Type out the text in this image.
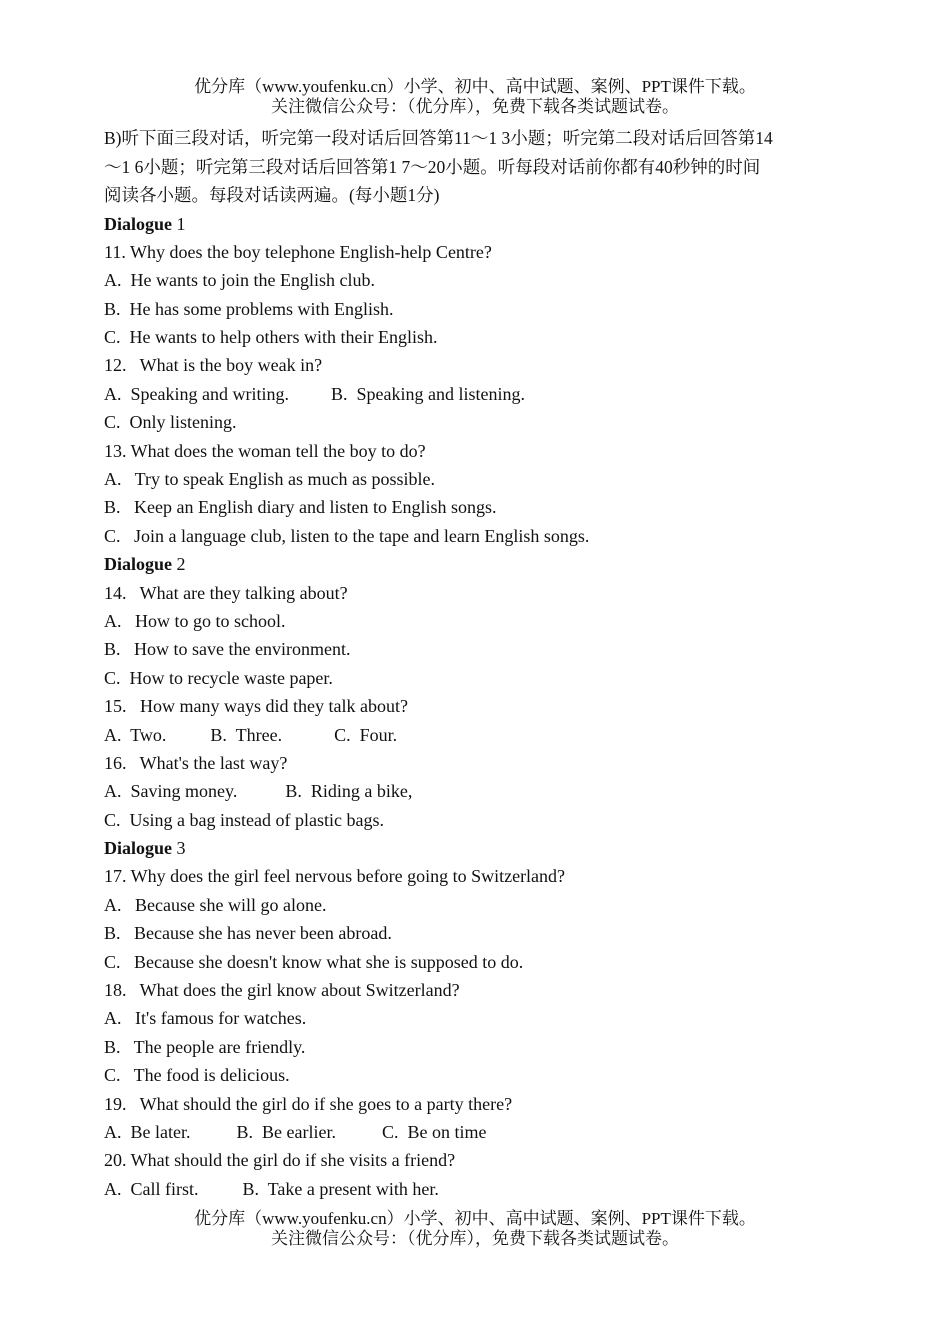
优分库（www.youfenku.cn）小学、初中、高中试题、案例、PPT课件下载。
关注微信公众号：（优分库），免费下载各类试题试卷。
B)听下面三段对话，听完第一段对话后回答第11～1 3小题；听完第二段对话后回答第14
～1 6小题；听完第三段对话后回答第1 7～20小题。听每段对话前你都有40秒钟的时间
阅读各小题。每段对话读两遍。(每小题1分)
Dialogue 1
11. Why does the boy telephone English-help Centre?
A.  He wants to join the English club.
B.  He has some problems with English.
C.  He wants to help others with their English.
12.   What is the boy weak in?
A.  Speaking and writing. B.  Speaking and listening.
C.  Only listening.
13. What does the woman tell the boy to do?
A.   Try to speak English as much as possible.
B.   Keep an English diary and listen to English songs.
C.   Join a language club, listen to the tape and learn English songs.
Dialogue 2
14.   What are they talking about?
A.   How to go to school.
B.   How to save the environment.
C.  How to recycle waste paper.
15.   How many ways did they talk about?
A.  Two. B.  Three.	C.  Four.
16.   What's the last way?
A.  Saving money.	B.  Riding a bike,
C.  Using a bag instead of plastic bags.
Dialogue 3
17. Why does the girl feel nervous before going to Switzerland?
A.   Because she will go alone.
B.   Because she has never been abroad.
C.   Because she doesn't know what she is supposed to do.
18.   What does the girl know about Switzerland?
A.   It's famous for watches.
B.   The people are friendly.
C.   The food is delicious.
19.   What should the girl do if she goes to a party there?
A.  Be later.	B.  Be earlier.	C.  Be on time
20. What should the girl do if she visits a friend?
A.  Call first. B.  Take a present with her.
优分库（www.youfenku.cn）小学、初中、高中试题、案例、PPT课件下载。
关注微信公众号：（优分库），免费下载各类试题试卷。
